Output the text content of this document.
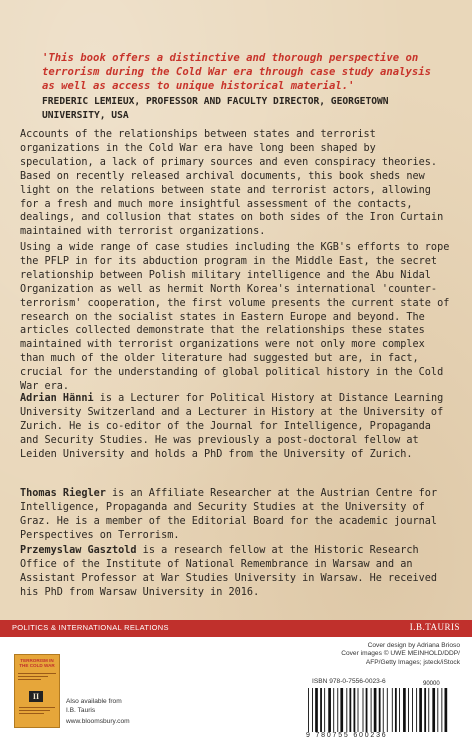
'This book offers a distinctive and thorough perspective on terrorism during the Cold War era through case study analysis as well as access to unique historical material.'
FREDERIC LEMIEUX, PROFESSOR AND FACULTY DIRECTOR, GEORGETOWN UNIVERSITY, USA
Accounts of the relationships between states and terrorist organizations in the Cold War era have long been shaped by speculation, a lack of primary sources and even conspiracy theories. Based on recently released archival documents, this book sheds new light on the relations between state and terrorist actors, allowing for a fresh and much more insightful assessment of the contacts, dealings, and collusion that states on both sides of the Iron Curtain maintained with terrorist organizations.
Using a wide range of case studies including the KGB's efforts to rope the PFLP in for its abduction program in the Middle East, the secret relationship between Polish military intelligence and the Abu Nidal Organization as well as hermit North Korea's international 'counter-terrorism' cooperation, the first volume presents the current state of research on the socialist states in Eastern Europe and beyond. The articles collected demonstrate that the relationships these states maintained with terrorist organizations were not only more complex than much of the older literature had suggested but are, in fact, crucial for the understanding of global political history in the Cold War era.
Adrian Hänni is a Lecturer for Political History at Distance Learning University Switzerland and a Lecturer in History at the University of Zurich. He is co-editor of the Journal for Intelligence, Propaganda and Security Studies. He was previously a post-doctoral fellow at Leiden University and holds a PhD from the University of Zurich.
Thomas Riegler is an Affiliate Researcher at the Austrian Centre for Intelligence, Propaganda and Security Studies at the University of Graz. He is a member of the Editorial Board for the academic journal Perspectives on Terrorism.
Przemyslaw Gasztold is a research fellow at the Historic Research Office of the Institute of National Remembrance in Warsaw and an Assistant Professor at War Studies University in Warsaw. He received his PhD from Warsaw University in 2016.
POLITICS & INTERNATIONAL RELATIONS	I.B.TAURIS
Cover design by Adriana Brioso
Cover images © UWE MEINHOLD/DDP/
AFP/Getty Images; jsteck/iStock
TERRORISM IN THE COLD WAR
II
Also available from
I.B. Tauris
www.bloomsbury.com
ISBN 978-0-7556-0023-6	90000
9 780755 600236
